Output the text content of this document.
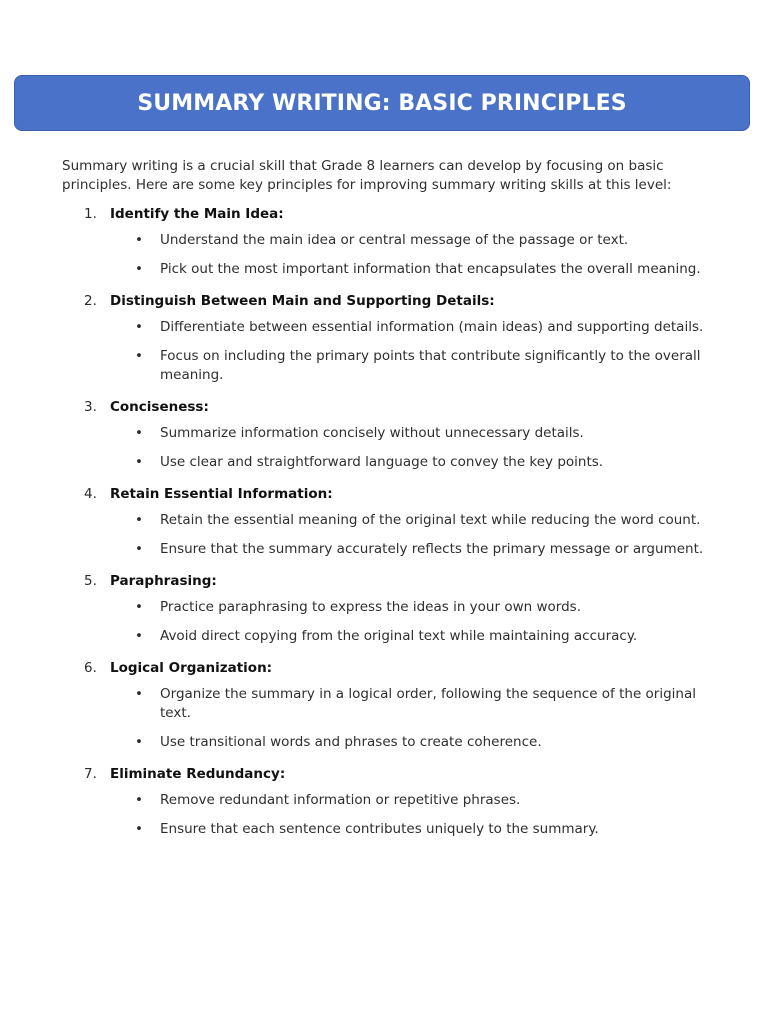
SUMMARY WRITING: BASIC PRINCIPLES

Summary writing is a crucial skill that Grade 8 learners can develop by focusing on basic principles. Here are some key principles for improving summary writing skills at this level:

1. Identify the Main Idea:
• Understand the main idea or central message of the passage or text.
• Pick out the most important information that encapsulates the overall meaning.
2. Distinguish Between Main and Supporting Details:
• Differentiate between essential information (main ideas) and supporting details.
• Focus on including the primary points that contribute significantly to the overall meaning.
3. Conciseness:
• Summarize information concisely without unnecessary details.
• Use clear and straightforward language to convey the key points.
4. Retain Essential Information:
• Retain the essential meaning of the original text while reducing the word count.
• Ensure that the summary accurately reflects the primary message or argument.
5. Paraphrasing:
• Practice paraphrasing to express the ideas in your own words.
• Avoid direct copying from the original text while maintaining accuracy.
6. Logical Organization:
• Organize the summary in a logical order, following the sequence of the original text.
• Use transitional words and phrases to create coherence.
7. Eliminate Redundancy:
• Remove redundant information or repetitive phrases.
• Ensure that each sentence contributes uniquely to the summary.
